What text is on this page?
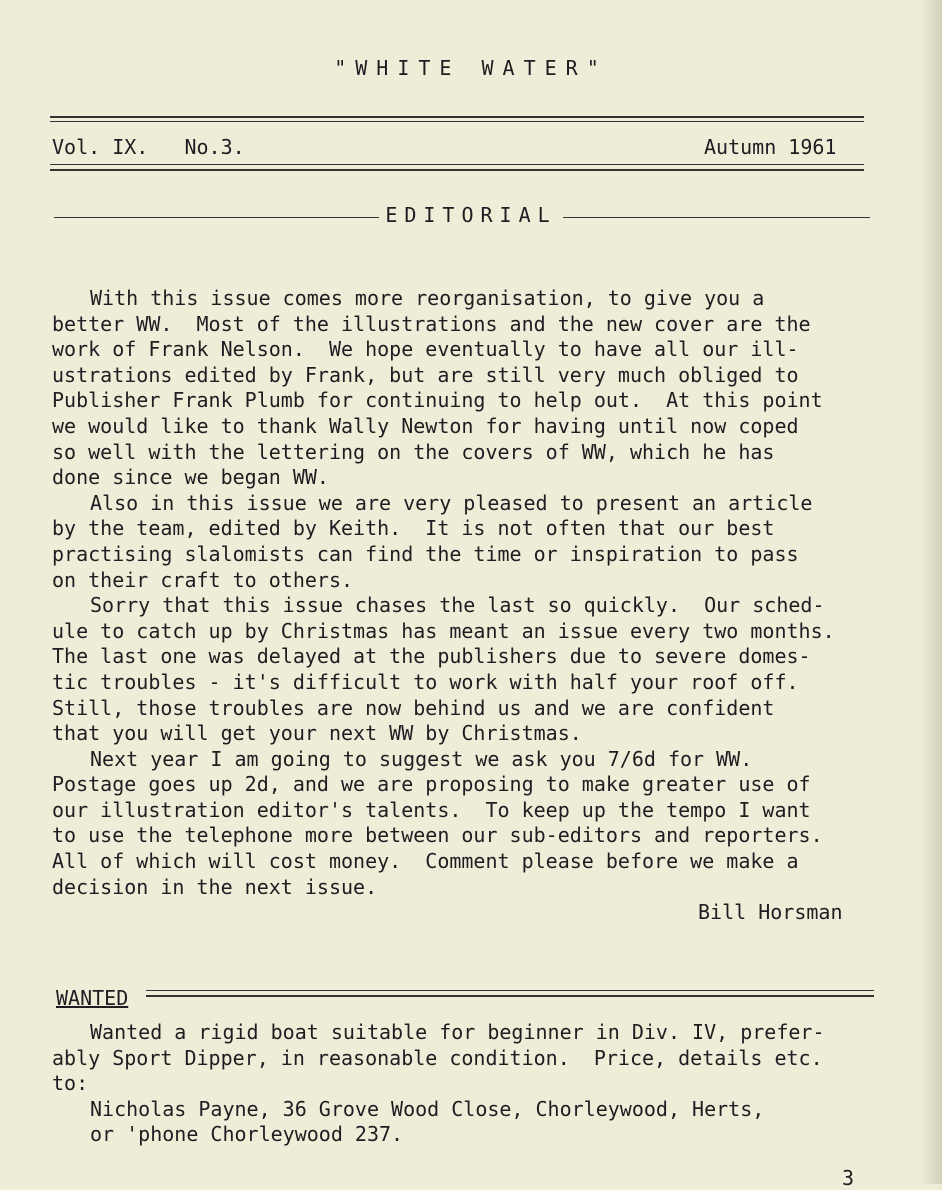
"WHITE WATER"
Vol. IX. No.3.	Autumn 1961
EDITORIAL
With this issue comes more reorganisation, to give you a
better WW.  Most of the illustrations and the new cover are the
work of Frank Nelson.  We hope eventually to have all our ill-
ustrations edited by Frank, but are still very much obliged to
Publisher Frank Plumb for continuing to help out.  At this point
we would like to thank Wally Newton for having until now coped
so well with the lettering on the covers of WW, which he has
done since we began WW.
Also in this issue we are very pleased to present an article
by the team, edited by Keith.  It is not often that our best
practising slalomists can find the time or inspiration to pass
on their craft to others.
Sorry that this issue chases the last so quickly.  Our sched-
ule to catch up by Christmas has meant an issue every two months.
The last one was delayed at the publishers due to severe domes-
tic troubles - it's difficult to work with half your roof off.
Still, those troubles are now behind us and we are confident
that you will get your next WW by Christmas.
Next year I am going to suggest we ask you 7/6d for WW.
Postage goes up 2d, and we are proposing to make greater use of
our illustration editor's talents.  To keep up the tempo I want
to use the telephone more between our sub-editors and reporters.
All of which will cost money.  Comment please before we make a
decision in the next issue.
Bill Horsman
WANTED
Wanted a rigid boat suitable for beginner in Div. IV, prefer-
ably Sport Dipper, in reasonable condition.  Price, details etc.
to:
Nicholas Payne, 36 Grove Wood Close, Chorleywood, Herts,
or 'phone Chorleywood 237.
3
